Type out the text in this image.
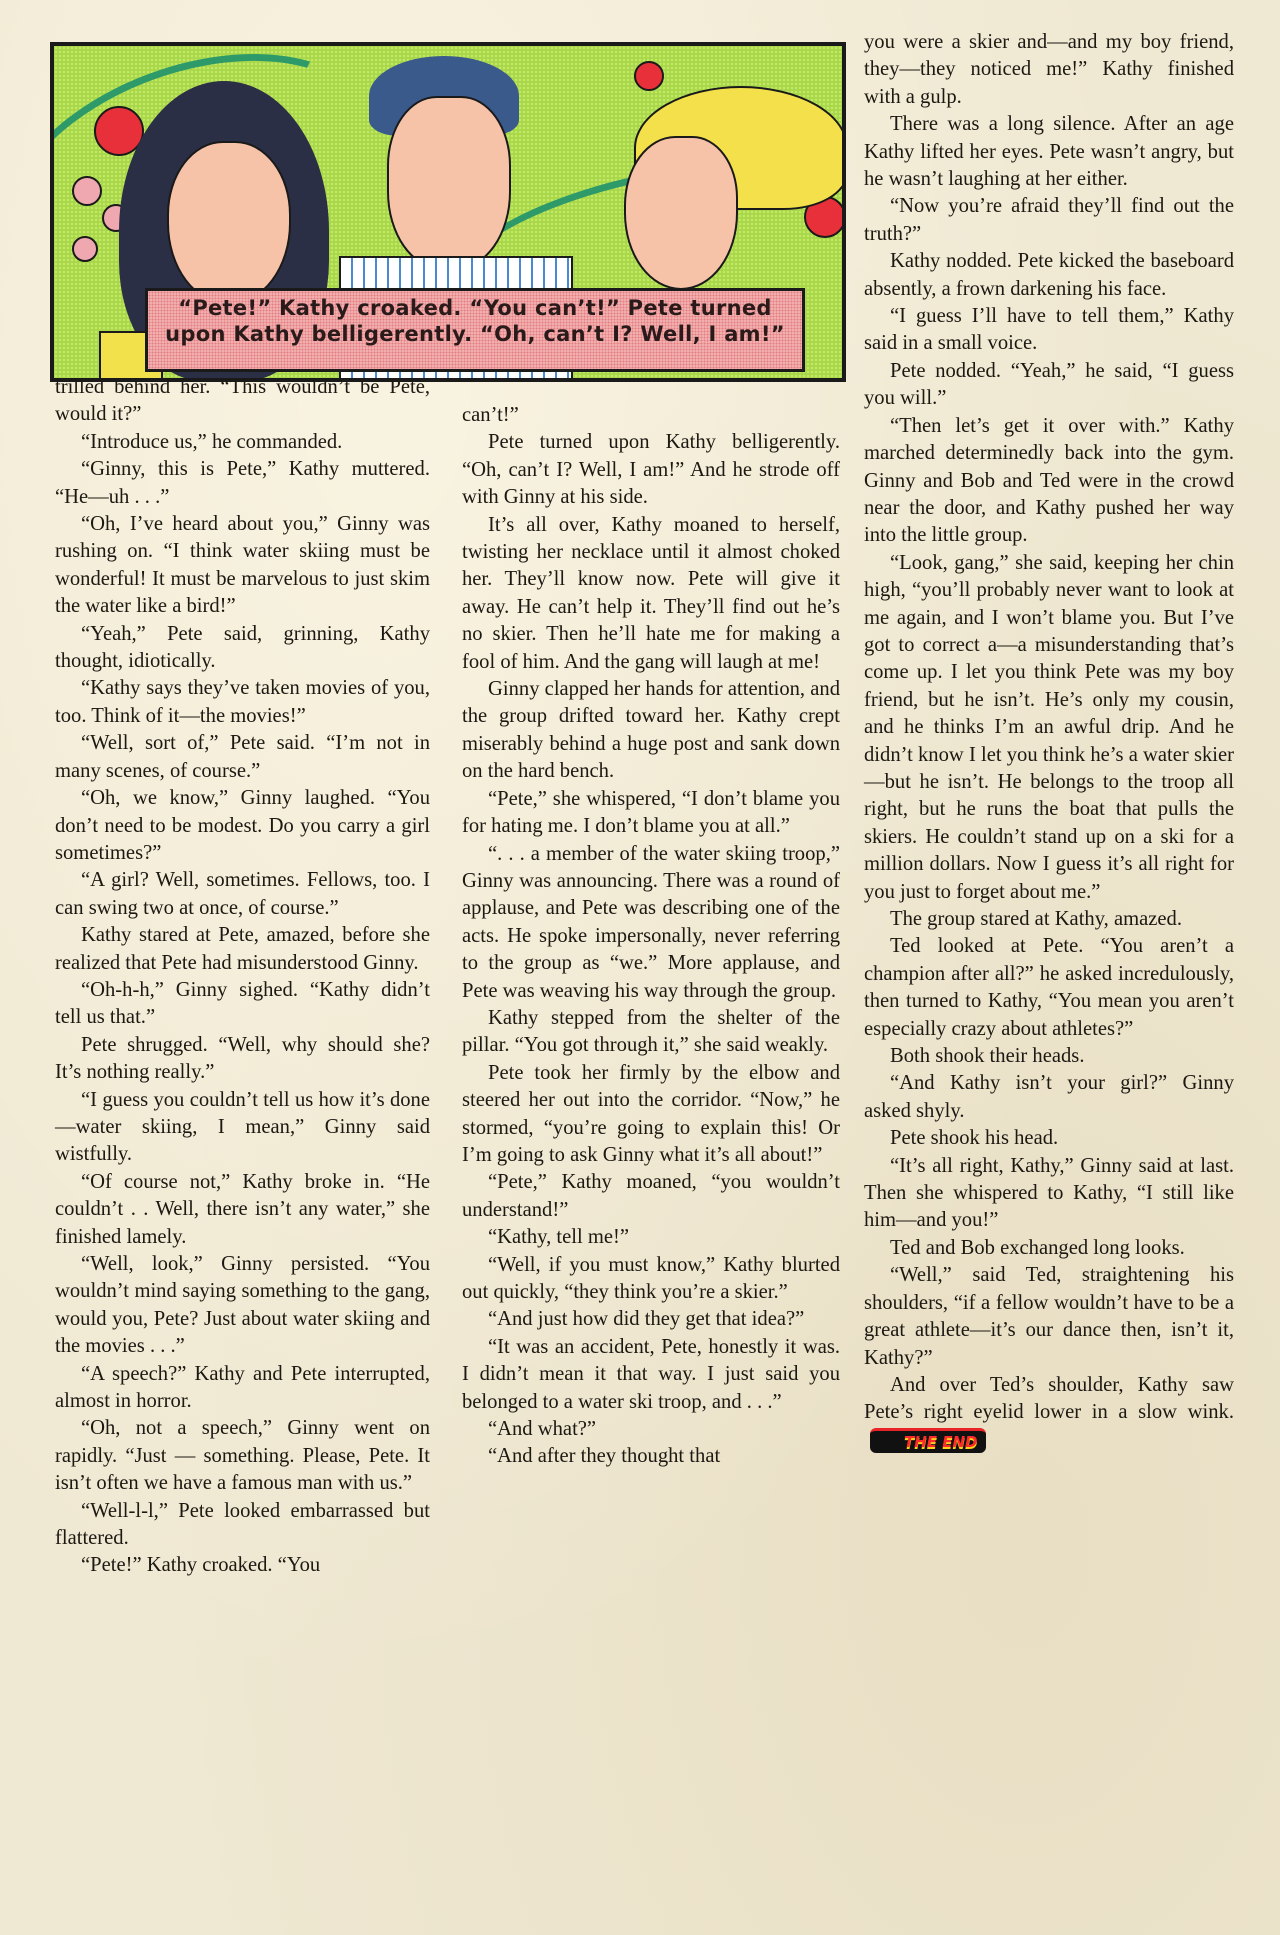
“Pete!” Kathy croaked. “You can’t!” Pete turned upon Kathy belligerently. “Oh, can’t I? Well, I am!”

trilled behind her. “This wouldn’t be Pete, would it?”

“Introduce us,” he commanded.

“Ginny, this is Pete,” Kathy muttered. “He—uh . . .”

“Oh, I’ve heard about you,” Ginny was rushing on. “I think water skiing must be wonderful! It must be marvelous to just skim the water like a bird!”

“Yeah,” Pete said, grinning, Kathy thought, idiotically.

“Kathy says they’ve taken movies of you, too. Think of it—the movies!”

“Well, sort of,” Pete said. “I’m not in many scenes, of course.”

“Oh, we know,” Ginny laughed. “You don’t need to be modest. Do you carry a girl sometimes?”

“A girl? Well, sometimes. Fellows, too. I can swing two at once, of course.”

Kathy stared at Pete, amazed, before she realized that Pete had misunderstood Ginny.

“Oh-h-h,” Ginny sighed. “Kathy didn’t tell us that.”

Pete shrugged. “Well, why should she? It’s nothing really.”

“I guess you couldn’t tell us how it’s done—water skiing, I mean,” Ginny said wistfully.

“Of course not,” Kathy broke in. “He couldn’t . . Well, there isn’t any water,” she finished lamely.

“Well, look,” Ginny persisted. “You wouldn’t mind saying something to the gang, would you, Pete? Just about water skiing and the movies . . .”

“A speech?” Kathy and Pete interrupted, almost in horror.

“Oh, not a speech,” Ginny went on rapidly. “Just — something. Please, Pete. It isn’t often we have a famous man with us.”

“Well-l-l,” Pete looked embarrassed but flattered.

“Pete!” Kathy croaked. “You

can’t!”

Pete turned upon Kathy belligerently. “Oh, can’t I? Well, I am!” And he strode off with Ginny at his side.

It’s all over, Kathy moaned to herself, twisting her necklace until it almost choked her. They’ll know now. Pete will give it away. He can’t help it. They’ll find out he’s no skier. Then he’ll hate me for making a fool of him. And the gang will laugh at me!

Ginny clapped her hands for attention, and the group drifted toward her. Kathy crept miserably behind a huge post and sank down on the hard bench.

“Pete,” she whispered, “I don’t blame you for hating me. I don’t blame you at all.”

“. . . a member of the water skiing troop,” Ginny was announcing. There was a round of applause, and Pete was describing one of the acts. He spoke impersonally, never referring to the group as “we.” More applause, and Pete was weaving his way through the group.

Kathy stepped from the shelter of the pillar. “You got through it,” she said weakly.

Pete took her firmly by the elbow and steered her out into the corridor. “Now,” he stormed, “you’re going to explain this! Or I’m going to ask Ginny what it’s all about!”

“Pete,” Kathy moaned, “you wouldn’t understand!”

“Kathy, tell me!”

“Well, if you must know,” Kathy blurted out quickly, “they think you’re a skier.”

“And just how did they get that idea?”

“It was an accident, Pete, honestly it was. I didn’t mean it that way. I just said you belonged to a water ski troop, and . . .”

“And what?”

“And after they thought that

you were a skier and—and my boy friend, they—they noticed me!” Kathy finished with a gulp.

There was a long silence. After an age Kathy lifted her eyes. Pete wasn’t angry, but he wasn’t laughing at her either.

“Now you’re afraid they’ll find out the truth?”

Kathy nodded. Pete kicked the baseboard absently, a frown darkening his face.

“I guess I’ll have to tell them,” Kathy said in a small voice.

Pete nodded. “Yeah,” he said, “I guess you will.”

“Then let’s get it over with.” Kathy marched determinedly back into the gym. Ginny and Bob and Ted were in the crowd near the door, and Kathy pushed her way into the little group.

“Look, gang,” she said, keeping her chin high, “you’ll probably never want to look at me again, and I won’t blame you. But I’ve got to correct a—a misunderstanding that’s come up. I let you think Pete was my boy friend, but he isn’t. He’s only my cousin, and he thinks I’m an awful drip. And he didn’t know I let you think he’s a water skier—but he isn’t. He belongs to the troop all right, but he runs the boat that pulls the skiers. He couldn’t stand up on a ski for a million dollars. Now I guess it’s all right for you just to forget about me.”

The group stared at Kathy, amazed.

Ted looked at Pete. “You aren’t a champion after all?” he asked incredulously, then turned to Kathy, “You mean you aren’t especially crazy about athletes?”

Both shook their heads.

“And Kathy isn’t your girl?” Ginny asked shyly.

Pete shook his head.

“It’s all right, Kathy,” Ginny said at last. Then she whispered to Kathy, “I still like him—and you!”

Ted and Bob exchanged long looks.

“Well,” said Ted, straightening his shoulders, “if a fellow wouldn’t have to be a great athlete—it’s our dance then, isn’t it, Kathy?”

And over Ted’s shoulder, Kathy saw Pete’s right eyelid lower in a slow wink.THE END
